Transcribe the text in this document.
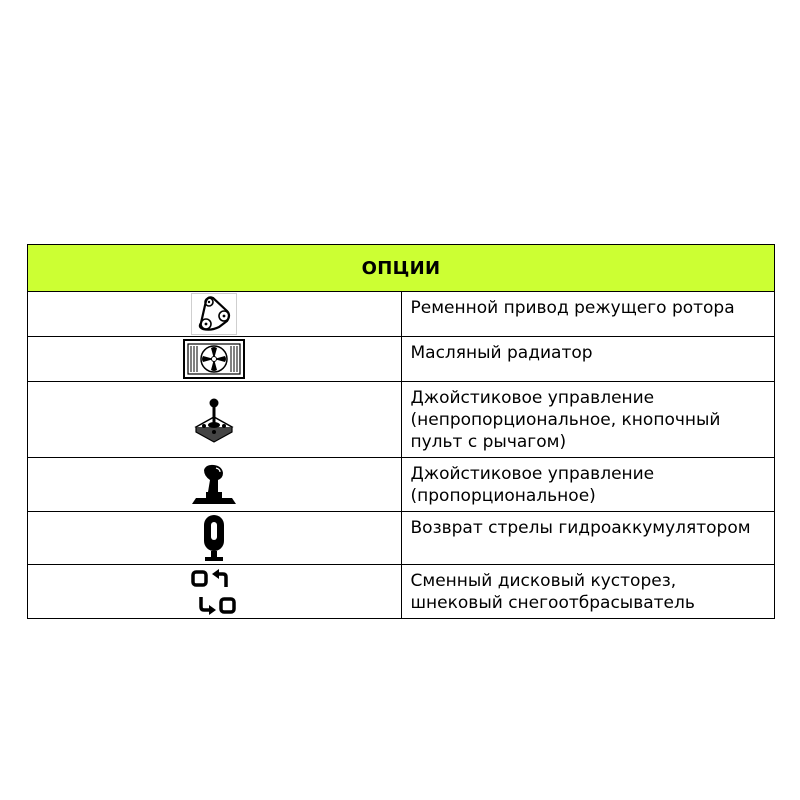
ОПЦИИ	

	Ременной привод режущего ротора

	Масляный радиатор

	Джойстиковое управление (непропорциональное, кнопочный пульт с рычагом)

	Джойстиковое управление (пропорциональное)

	Возврат стрелы гидроаккумулятором

	Сменный дисковый кусторез, шнековый снегоотбрасыватель
